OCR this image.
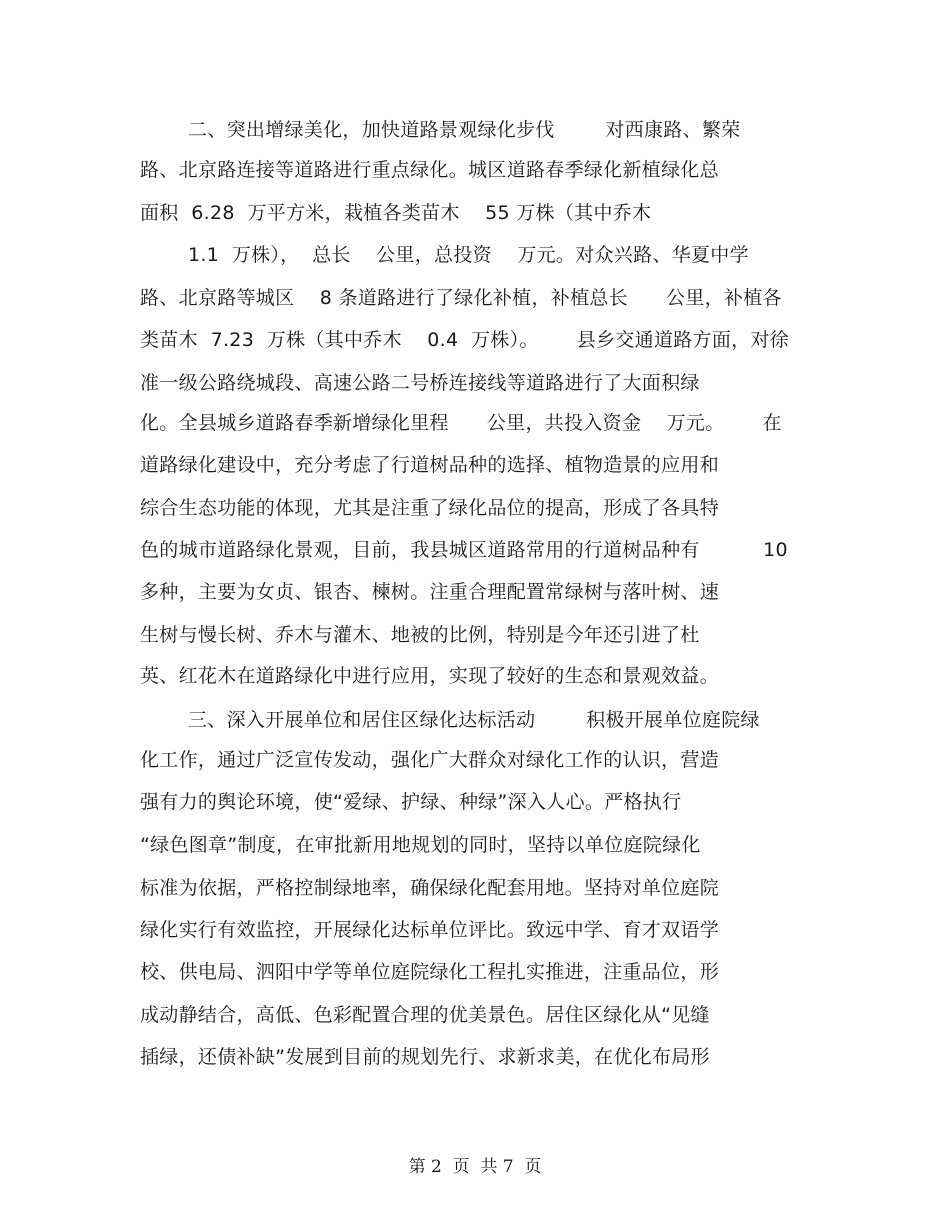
二、突出增绿美化，加快道路景观绿化步伐        对西康路、繁荣
路、北京路连接等道路进行重点绿化。城区道路春季绿化新植绿化总
面积  6.28  万平方米，栽植各类苗木    55 万株（其中乔木
1.1  万株），  总长    公里，总投资    万元。对众兴路、华夏中学
路、北京路等城区    8 条道路进行了绿化补植，补植总长      公里，补植各
类苗木  7.23  万株（其中乔木    0.4  万株）。      县乡交通道路方面，对徐
准一级公路绕城段、高速公路二号桥连接线等道路进行了大面积绿
化。全县城乡道路春季新增绿化里程      公里，共投入资金    万元。      在
道路绿化建设中，充分考虑了行道树品种的选择、植物造景的应用和
综合生态功能的体现，尤其是注重了绿化品位的提高，形成了各具特
色的城市道路绿化景观，目前，我县城区道路常用的行道树品种有          10
多种，主要为女贞、银杏、楝树。注重合理配置常绿树与落叶树、速
生树与慢长树、乔木与灌木、地被的比例，特别是今年还引进了杜
英、红花木在道路绿化中进行应用，实现了较好的生态和景观效益。
三、深入开展单位和居住区绿化达标活动        积极开展单位庭院绿
化工作，通过广泛宣传发动，强化广大群众对绿化工作的认识，营造
强有力的舆论环境，使“爱绿、护绿、种绿”深入人心。严格执行
“绿色图章”制度，在审批新用地规划的同时，坚持以单位庭院绿化
标准为依据，严格控制绿地率，确保绿化配套用地。坚持对单位庭院
绿化实行有效监控，开展绿化达标单位评比。致远中学、育才双语学
校、供电局、泗阳中学等单位庭院绿化工程扎实推进，注重品位，形
成动静结合，高低、色彩配置合理的优美景色。居住区绿化从“见缝
插绿，还债补缺”发展到目前的规划先行、求新求美，在优化布局形
第 2  页  共 7  页
